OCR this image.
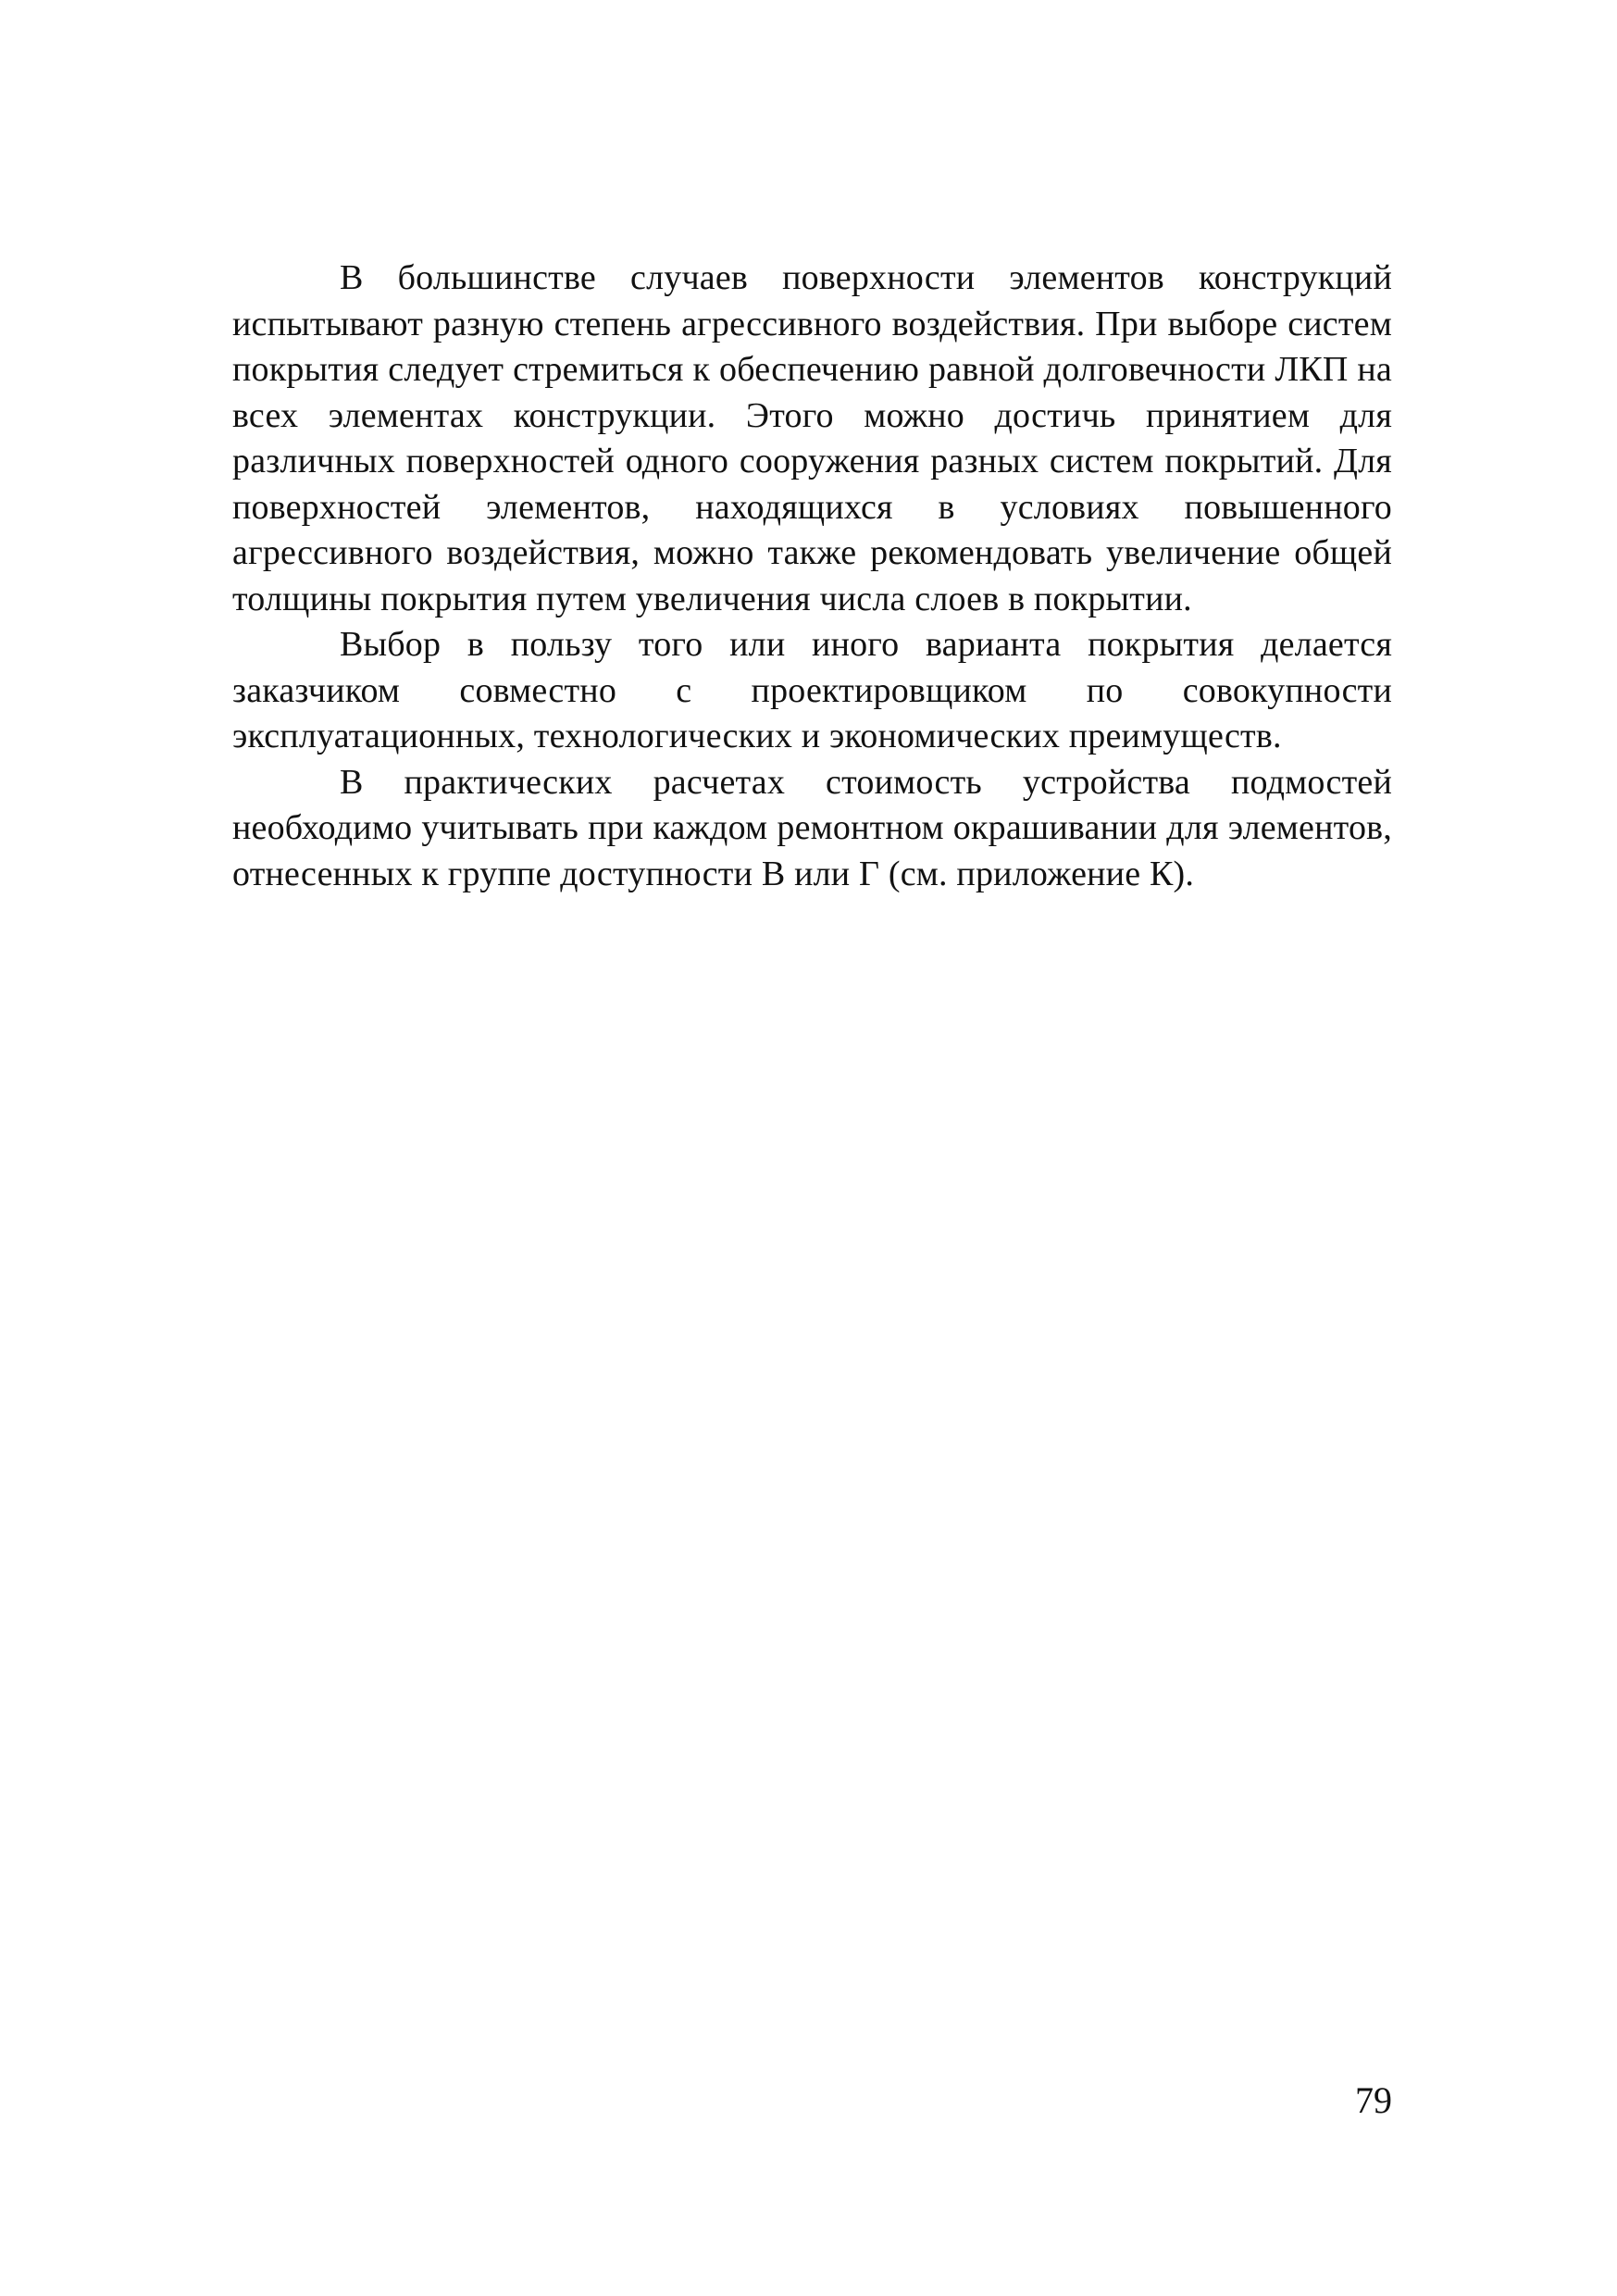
В большинстве случаев поверхности элементов конструкций испытывают разную степень агрессивного воздействия. При выборе систем покрытия следует стремиться к обеспечению равной долговечности ЛКП на всех элементах конструкции. Этого можно достичь принятием для различных поверхностей одного сооружения разных систем покрытий. Для поверхностей элементов, находящихся в условиях повышенного агрессивного воздействия, можно также рекомендовать увеличение общей толщины покрытия путем увеличения числа слоев в покрытии.

Выбор в пользу того или иного варианта покрытия делается заказчиком совместно с проектировщиком по совокупности эксплуатационных, технологических и экономических преимуществ.

В практических расчетах стоимость устройства подмостей необходимо учитывать при каждом ремонтном окрашивании для элементов, отнесенных к группе доступности В или Г (см. приложение К).

79
